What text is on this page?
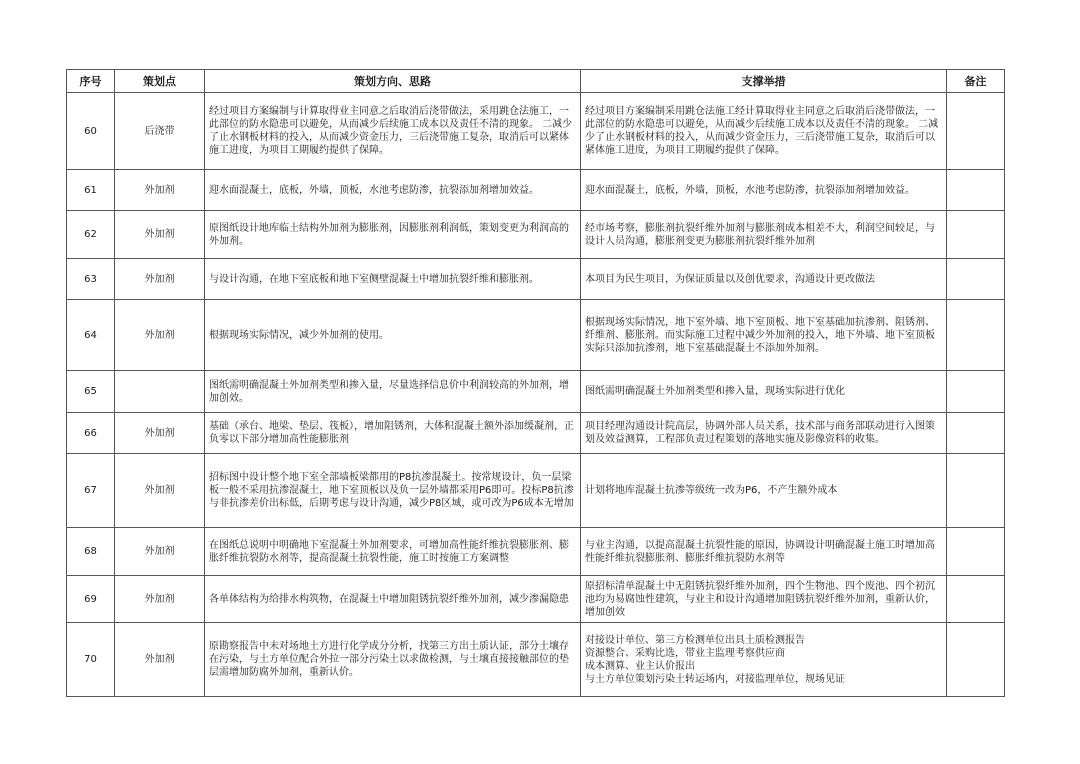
序号	策划点	策划方向、思路	支撑举措	备注
60	后浇带	经过项目方案编制与计算取得业主同意之后取消后浇带做法，采用跳仓法施工，一此部位的防水隐患可以避免，从而减少后续施工成本以及责任不清的现象。 二减少了止水钢板材料的投入，从而减少资金压力，三后浇带施工复杂，取消后可以紧体施工进度，为项目工期履约提供了保障。	经过项目方案编制采用跳仓法施工经计算取得业主同意之后取消后浇带做法，一此部位的防水隐患可以避免，从而减少后续施工成本以及责任不清的现象。 二减少了止水钢板材料的投入，从而减少资金压力，三后浇带施工复杂，取消后可以紧体施工进度，为项目工期履约提供了保障。	
61	外加剂	迎水面混凝土，底板，外墙，顶板，水池考虑防渗，抗裂添加剂增加效益。	迎水面混凝土，底板，外墙，顶板，水池考虑防渗，抗裂添加剂增加效益。	
62	外加剂	原图纸设计地库临土结构外加剂为膨胀剂，因膨胀剂利润低，策划变更为利润高的外加剂。	经市场考察，膨胀剂抗裂纤维外加剂与膨胀剂成本相差不大，利润空间较足，与设计人员沟通，膨胀剂变更为膨胀剂抗裂纤维外加剂	
63	外加剂	与设计沟通，在地下室底板和地下室侧壁混凝土中增加抗裂纤维和膨胀剂。	本项目为民生项目，为保证质量以及创优要求，沟通设计更改做法	
64	外加剂	根据现场实际情况，减少外加剂的使用。	根据现场实际情况，地下室外墙、地下室顶板、地下室基础加抗渗剂、阻锈剂、纤维剂、膨胀剂。而实际施工过程中减少外加剂的投入，地下外墙、地下室顶板实际只添加抗渗剂，地下室基础混凝土不添加外加剂。	
65		图纸需明确混凝土外加剂类型和掺入量，尽量选择信息价中利润较高的外加剂，增加创效。	图纸需明确混凝土外加剂类型和掺入量，现场实际进行优化	
66	外加剂	基础（承台、地梁、垫层、筏板），增加阻锈剂，大体积混凝土额外添加缓凝剂，正负零以下部分增加高性能膨胀剂	项目经理沟通设计院高层，协调外部人员关系，技术部与商务部联动进行入图策划及效益测算，工程部负责过程策划的落地实施及影像资料的收集。	
67	外加剂	招标图中设计整个地下室全部墙板梁都用的P8抗渗混凝土。按常规设计，负一层梁板一般不采用抗渗混凝土，地下室顶板以及负一层外墙都采用P6即可。投标P8抗渗与非抗渗差价出标低，后期考虑与设计沟通，减少P8区域，或可改为P6成本无增加	计划将地库混凝土抗渗等级统一改为P6，不产生额外成本	
68	外加剂	在图纸总说明中明确地下室混凝土外加剂要求，可增加高性能纤维抗裂膨胀剂、膨胀纤维抗裂防水剂等，提高混凝土抗裂性能，施工时按施工方案调整	与业主沟通，以提高混凝土抗裂性能的原因，协调设计明确混凝土施工时增加高性能纤维抗裂膨胀剂、膨胀纤维抗裂防水剂等	
69	外加剂	各单体结构为给排水构筑物，在混凝土中增加阻锈抗裂纤维外加剂，减少渗漏隐患	原招标清单混凝土中无阻锈抗裂纤维外加剂，四个生物池、四个废池、四个初沉池均为易腐蚀性建筑，与业主和设计沟通增加阻锈抗裂纤维外加剂，重新认价，增加创效	
70	外加剂	原勘察报告中未对场地土方进行化学成分分析，找第三方出土质认证，部分土壤存在污染，与土方单位配合外拉一部分污染土以求做检测，与土壤直接接触部位的垫层需增加防腐外加剂，重新认价。	对接设计单位、第三方检测单位出具土质检测报告
资源整合、采购比选，带业主监理考察供应商
成本测算、业主认价报出
与土方单位策划污染土转运场内，对接监理单位，规场见证	
